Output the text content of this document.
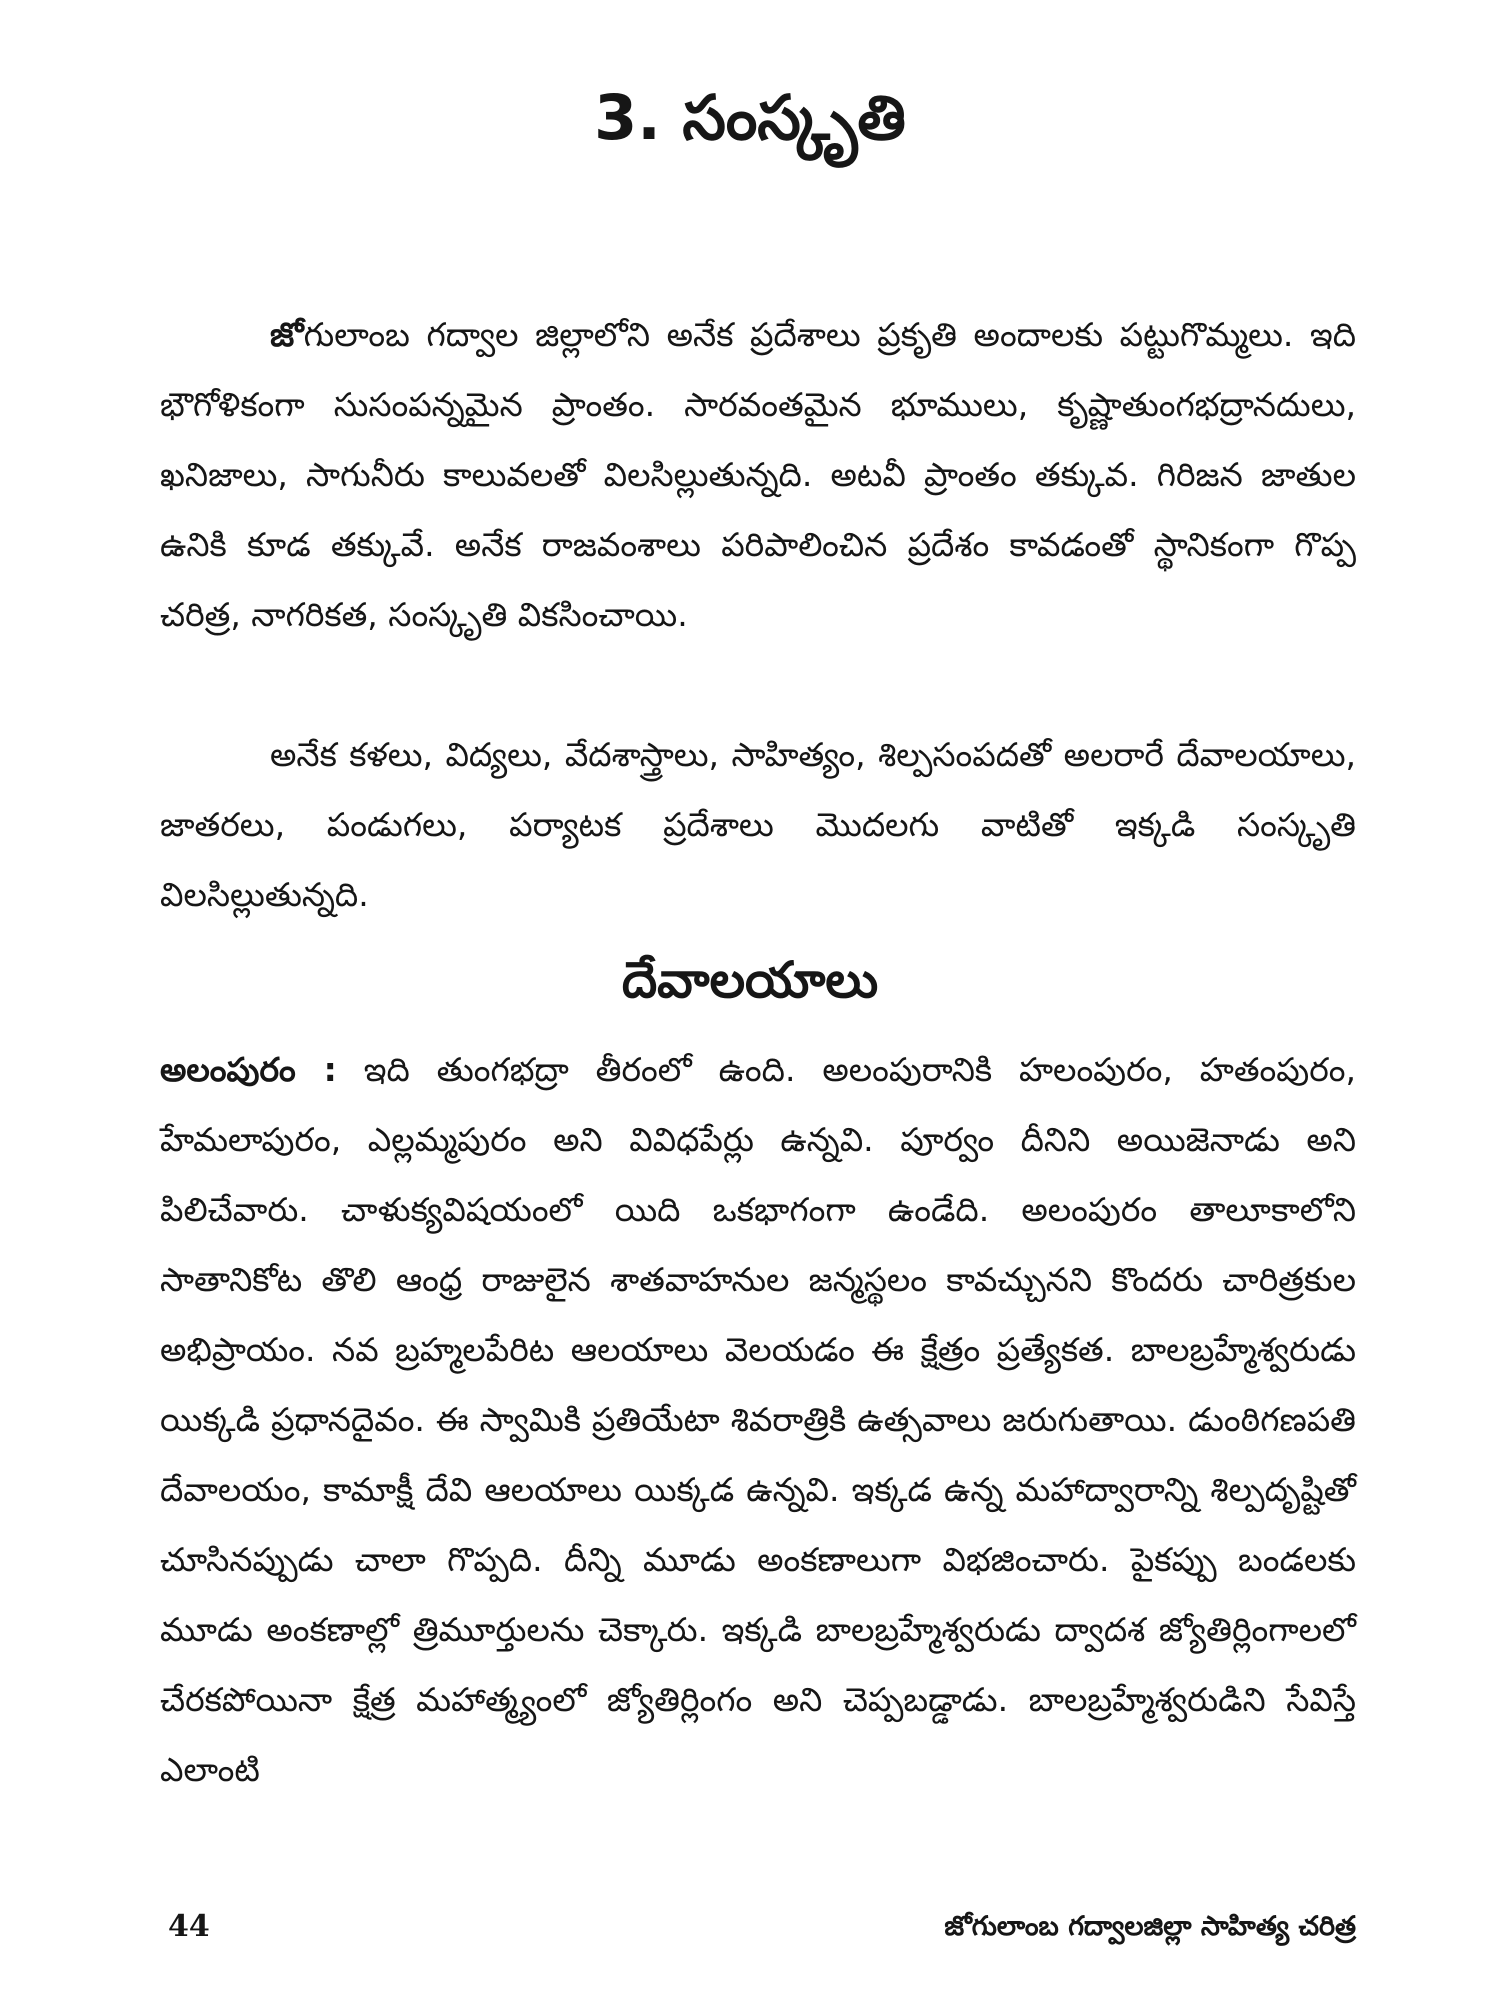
3. సంస్కృతి

జోగులాంబ గద్వాల జిల్లాలోని అనేక ప్రదేశాలు ప్రకృతి అందాలకు పట్టుగొమ్మలు. ఇది భౌగోళికంగా సుసంపన్నమైన ప్రాంతం. సారవంతమైన భూములు, కృష్ణాతుంగభద్రానదులు, ఖనిజాలు, సాగునీరు కాలువలతో విలసిల్లుతున్నది. అటవీ ప్రాంతం తక్కువ. గిరిజన జాతుల ఉనికి కూడ తక్కువే. అనేక రాజవంశాలు పరిపాలించిన ప్రదేశం కావడంతో స్థానికంగా గొప్ప చరిత్ర, నాగరికత, సంస్కృతి వికసించాయి.

అనేక కళలు, విద్యలు, వేదశాస్త్రాలు, సాహిత్యం, శిల్పసంపదతో అలరారే దేవాలయాలు, జాతరలు, పండుగలు, పర్యాటక ప్రదేశాలు మొదలగు వాటితో ఇక్కడి సంస్కృతి విలసిల్లుతున్నది.

దేవాలయాలు

అలంపురం : ఇది తుంగభద్రా తీరంలో ఉంది. అలంపురానికి హలంపురం, హతంపురం, హేమలాపురం, ఎల్లమ్మపురం అని వివిధపేర్లు ఉన్నవి. పూర్వం దీనిని అయిజెనాడు అని పిలిచేవారు. చాళుక్యవిషయంలో యిది ఒకభాగంగా ఉండేది. అలంపురం తాలూకాలోని సాతానికోట తొలి ఆంధ్ర రాజులైన శాతవాహనుల జన్మస్థలం కావచ్చునని కొందరు చారిత్రకుల అభిప్రాయం. నవ బ్రహ్మలపేరిట ఆలయాలు వెలయడం ఈ క్షేత్రం ప్రత్యేకత. బాలబ్రహ్మేశ్వరుడు యిక్కడి ప్రధానదైవం. ఈ స్వామికి ప్రతియేటా శివరాత్రికి ఉత్సవాలు జరుగుతాయి. డుంఠిగణపతి దేవాలయం, కామాక్షీ దేవి ఆలయాలు యిక్కడ ఉన్నవి. ఇక్కడ ఉన్న మహాద్వారాన్ని శిల్పదృష్టితో చూసినప్పుడు చాలా గొప్పది. దీన్ని మూడు అంకణాలుగా విభజించారు. పైకప్పు బండలకు మూడు అంకణాల్లో త్రిమూర్తులను చెక్కారు. ఇక్కడి బాలబ్రహ్మేశ్వరుడు ద్వాదశ జ్యోతిర్లింగాలలో చేరకపోయినా క్షేత్ర మహాత్మ్యంలో జ్యోతిర్లింగం అని చెప్పబడ్డాడు. బాలబ్రహ్మేశ్వరుడిని సేవిస్తే ఎలాంటి

44	జోగులాంబ గద్వాలజిల్లా సాహిత్య చరిత్ర
